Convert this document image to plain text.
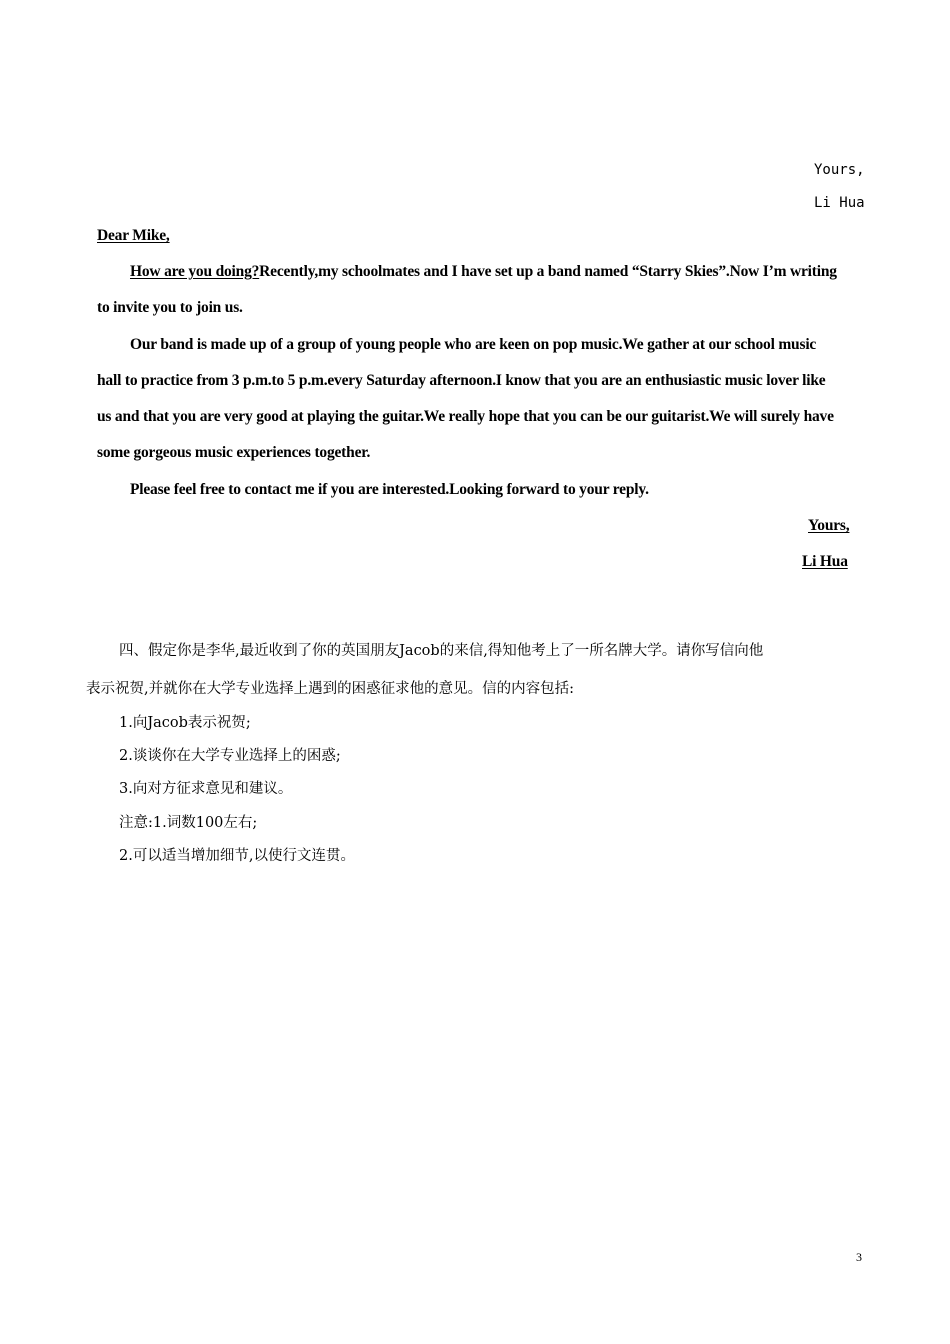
Yours,
Li Hua
Dear Mike,
How are you doing?Recently,my schoolmates and I have set up a band named “Starry Skies”.Now I’m writing
to invite you to join us.
Our band is made up of a group of young people who are keen on pop music.We gather at our school music
hall to practice from 3 p.m.to 5 p.m.every Saturday afternoon.I know that you are an enthusiastic music lover like
us and that you are very good at playing the guitar.We really hope that you can be our guitarist.We will surely have
some gorgeous music experiences together.
Please feel free to contact me if you are interested.Looking forward to your reply.
Yours,
Li Hua
四、假定你是李华,最近收到了你的英国朋友Jacob的来信,得知他考上了一所名牌大学。请你写信向他
表示祝贺,并就你在大学专业选择上遇到的困惑征求他的意见。信的内容包括:
1.向Jacob表示祝贺;
2.谈谈你在大学专业选择上的困惑;
3.向对方征求意见和建议。
注意:1.词数100左右;
2.可以适当增加细节,以使行文连贯。
3
